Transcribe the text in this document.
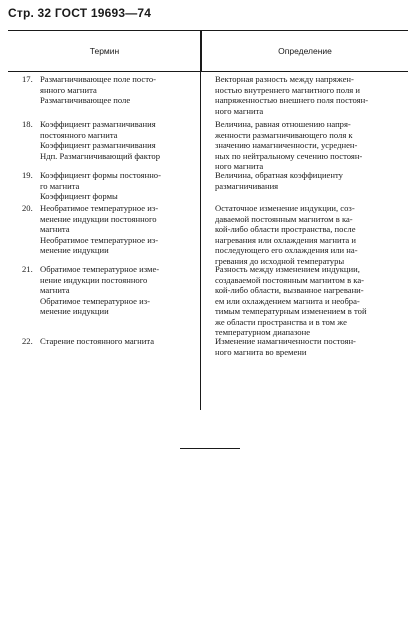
Стр. 32 ГОСТ 19693—74
Термин	Определение
17. Размагничивающее поле посто-
янного магнита
Размагничивающее поле
Векторная разность между напряжен-
ностью внутреннего магнитного поля и
напряженностью внешнего поля постоян-
ного магнита
18. Коэффициент размагничивания
постоянного магнита
Коэффициент размагничивания
Ндп. Размагничивающий фактор
Величина, равная отношению напря-
женности размагничивающего поля к
значению намагниченности, усреднен-
ных по нейтральному сечению постоян-
ного магнита
19. Коэффициент формы постоянно-
го магнита
Коэффициент формы
Величина, обратная коэффициенту
размагничивания
20. Необратимое температурное из-
менение индукции постоянного
магнита
Необратимое температурное из-
менение индукции
Остаточное изменение индукции, соз-
даваемой постоянным магнитом в ка-
кой-либо области пространства, после
нагревания или охлаждения магнита и
последующего его охлаждения или на-
гревания до исходной температуры
21. Обратимое температурное изме-
нение индукции постоянного
магнита
Обратимое температурное из-
менение индукции
Разность между изменением индукции,
создаваемой постоянным магнитом в ка-
кой-либо области, вызванное нагревани-
ем или охлаждением магнита и необра-
тимым температурным изменением в той
же области пространства и в том же
температурном диапазоне
22. Старение постоянного магнита	Изменение намагниченности постоян-
ного магнита во времени
